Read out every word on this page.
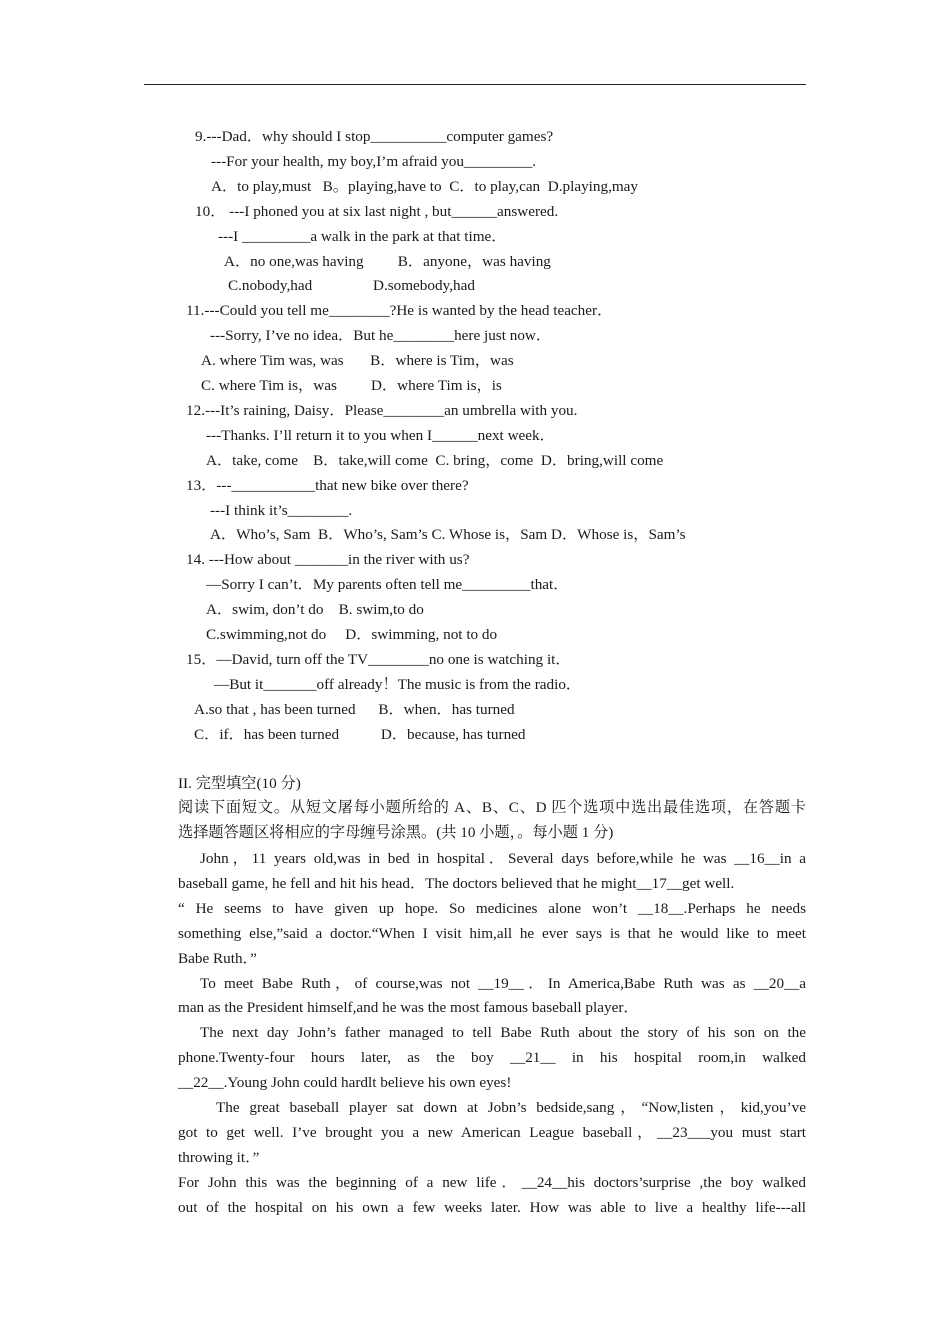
9.---Dad．why should I stop__________computer games?
---For your health, my boy,I’m afraid you_________.
A．to play,must   B。playing,have to  C．to play,can  D.playing,may
10． ---I phoned you at six last night , but______answered.
---I _________a walk in the park at that time．
A．no one,was having         B．anyone，was having
C.nobody,had                D.somebody,had
11.---Could you tell me________?He is wanted by the head teacher．
---Sorry, I’ve no idea．But he________here just now．
A. where Tim was, was       B．where is Tim，was
C. where Tim is，was         D．where Tim is，is
12.---It’s raining, Daisy．Please________an umbrella with you.
---Thanks. I’ll return it to you when I______next week．
A．take, come    B．take,will come  C. bring，come  D．bring,will come
13．---___________that new bike over there?
---I think it’s________.
A．Who’s, Sam  B．Who’s, Sam’s C. Whose is，Sam D．Whose is，Sam’s
14. ---How about _______in the river with us?
—Sorry I can’t．My parents often tell me_________that．
A．swim, don’t do    B. swim,to do
C.swimming,not do     D．swimming, not to do
15．—David, turn off the TV________no one is watching it．
—But it_______off already！The music is from the radio．
A.so that , has been turned      B．when．has turned
C．if．has been turned           D．because, has turned
II. 完型填空(10 分)
阅读下面短文。从短文屠每小题所给的 A、B、C、D 匹个选项中选出最佳选项，在答题卡
选择题答题区将相应的字母缠号涂黑。(共 10 小题，。每小题 1 分)
John，11 years old,was in bed in hospital．Several days before,while he was __16__in a
baseball game, he fell and hit his head．The doctors believed that he might__17__get well.
“ He seems to have given up hope. So medicines alone won’t __18__.Perhaps he needs
something else,”said a doctor.“When I visit him,all he ever says is that he would like to meet
Babe Ruth．”
To meet Babe Ruth，of course,was not __19__．In America,Babe Ruth was as __20__a
man as the President himself,and he was the most famous baseball player．
The next day John’s father managed to tell Babe Ruth about the story of his son on the
phone.Twenty-four hours later, as the boy __21__ in his hospital room,in walked
__22__.Young John could hardlt believe his own eyes!
The great baseball player sat down at Jobn’s bedside,sang，“Now,listen，kid,you’ve
got to get well. I’ve brought you a new American League baseball，__23___you must start
throwing it．”
For John this was the beginning of a new life．__24__his doctors’surprise ,the boy walked
out of the hospital on his own a few weeks later. How was able to live a healthy life---all
